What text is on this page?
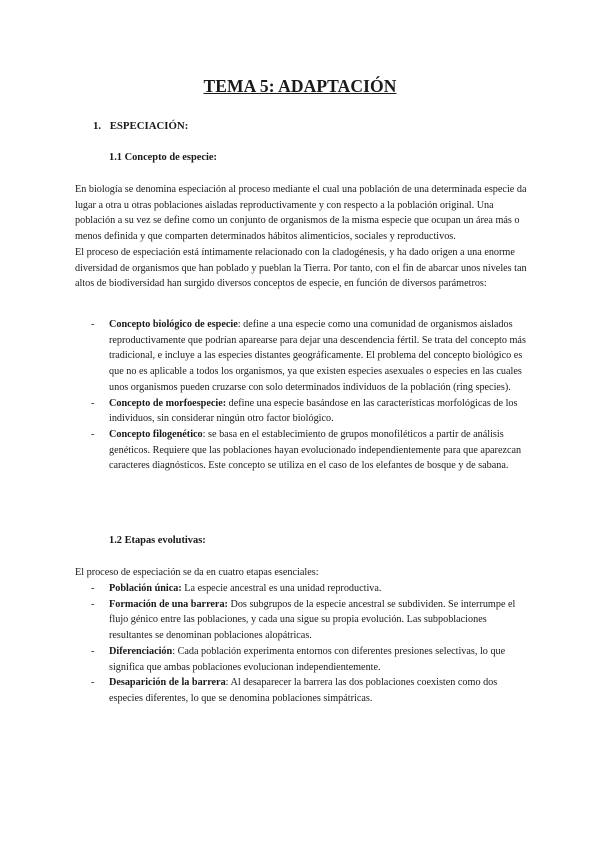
TEMA 5: ADAPTACIÓN
1. ESPECIACIÓN:
1.1 Concepto de especie:

En biología se denomina especiación al proceso mediante el cual una población de una determinada especie da lugar a otra u otras poblaciones aisladas reproductivamente y con respecto a la población original. Una población a su vez se define como un conjunto de organismos de la misma especie que ocupan un área más o menos definida y que comparten determinados hábitos alimenticios, sociales y reproductivos.

El proceso de especiación está íntimamente relacionado con la cladogénesis, y ha dado origen a una enorme diversidad de organismos que han poblado y pueblan la Tierra. Por tanto, con el fin de abarcar unos niveles tan altos de biodiversidad han surgido diversos conceptos de especie, en función de diversos parámetros:

- Concepto biológico de especie: define a una especie como una comunidad de organismos aislados reproductivamente que podrían aparearse para dejar una descendencia fértil. Se trata del concepto más tradicional, e incluye a las especies distantes geográficamente. El problema del concepto biológico es que no es aplicable a todos los organismos, ya que existen especies asexuales o especies en las cuales unos organismos pueden cruzarse con solo determinados individuos de la población (ring species).
- Concepto de morfoespecie: define una especie basándose en las características morfológicas de los individuos, sin considerar ningún otro factor biológico.
- Concepto filogenético: se basa en el establecimiento de grupos monofiléticos a partir de análisis genéticos. Requiere que las poblaciones hayan evolucionado independientemente para que aparezcan caracteres diagnósticos. Este concepto se utiliza en el caso de los elefantes de bosque y de sabana.
1.2 Etapas evolutivas:

El proceso de especiación se da en cuatro etapas esenciales:

- Población única: La especie ancestral es una unidad reproductiva.
- Formación de una barrera: Dos subgrupos de la especie ancestral se subdividen. Se interrumpe el flujo génico entre las poblaciones, y cada una sigue su propia evolución. Las subpoblaciones resultantes se denominan poblaciones alopátricas.
- Diferenciación: Cada población experimenta entornos con diferentes presiones selectivas, lo que significa que ambas poblaciones evolucionan independientemente.
- Desaparición de la barrera: Al desaparecer la barrera las dos poblaciones coexisten como dos especies diferentes, lo que se denomina poblaciones simpátricas.
